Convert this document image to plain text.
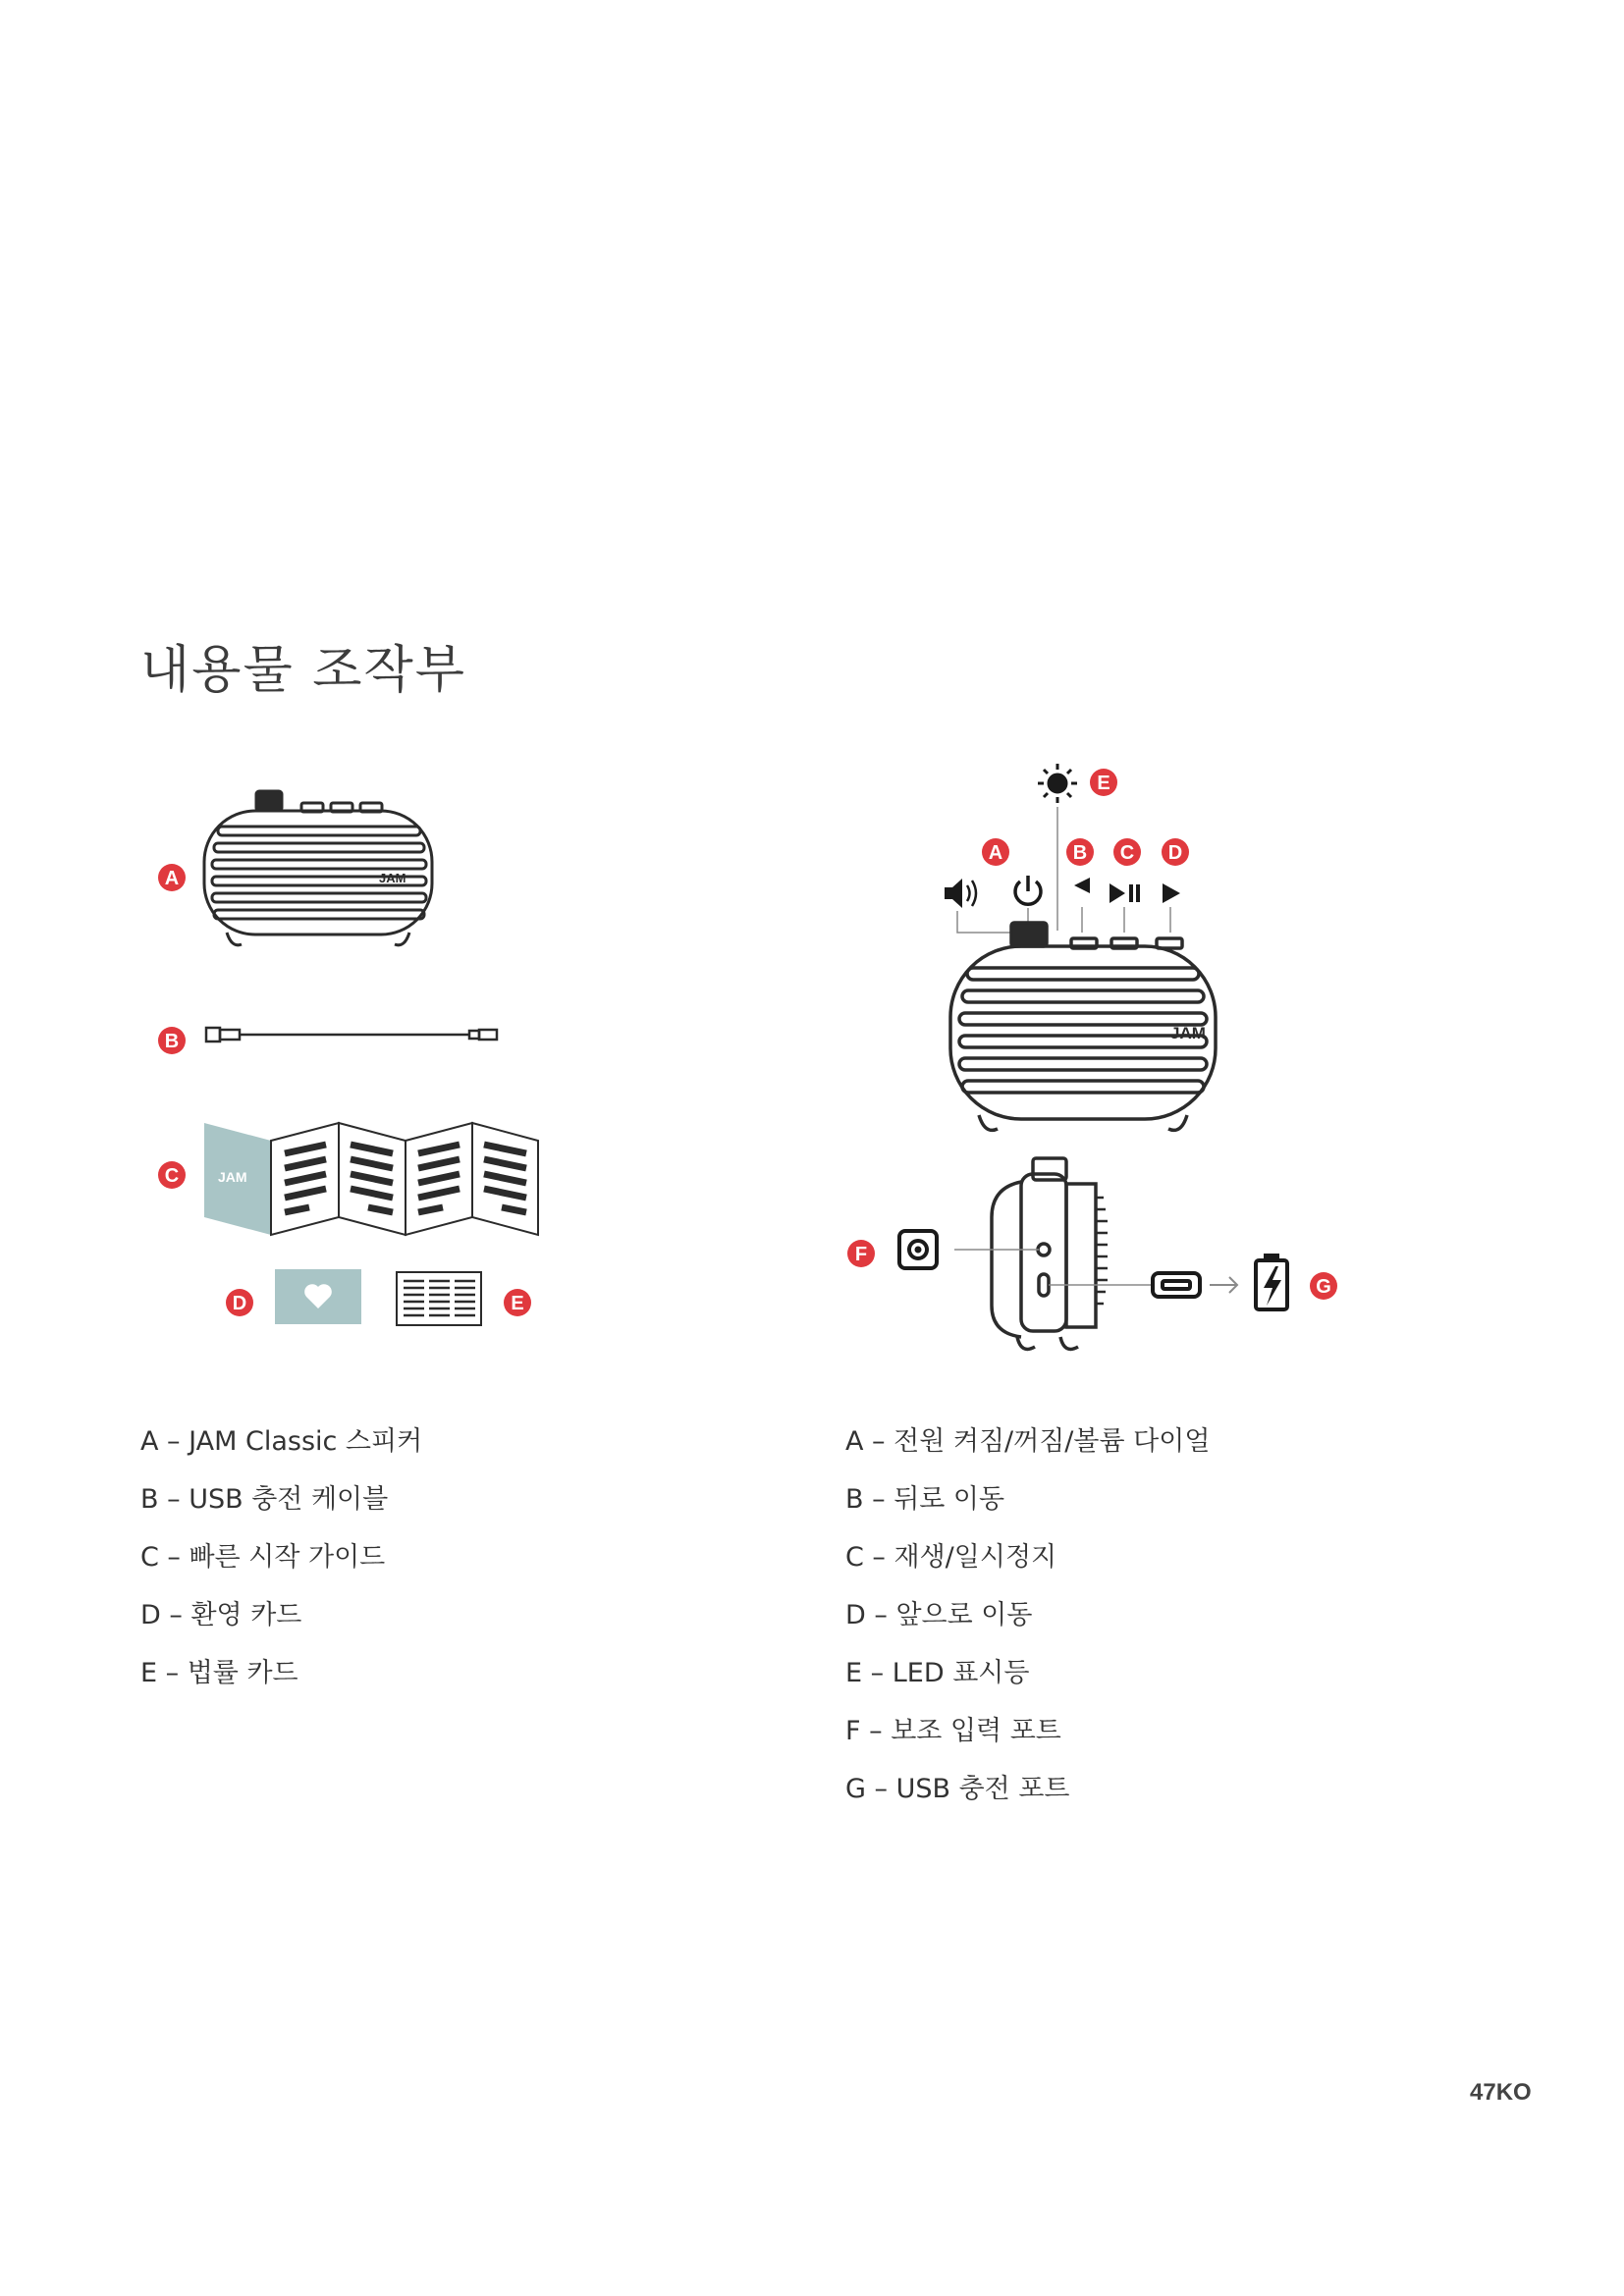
내용물 조작부
JAM
JAM
A
B
C
D	E
JAM
E
A	B C D
F
G
A – JAM Classic 스피커
B – USB 충전 케이블
C – 빠른 시작 가이드
D – 환영 카드
E – 법률 카드
A – 전원 켜짐/꺼짐/볼륨 다이얼
B – 뒤로 이동
C – 재생/일시정지
D – 앞으로 이동
E – LED 표시등
F – 보조 입력 포트
G – USB 충전 포트
47KO
